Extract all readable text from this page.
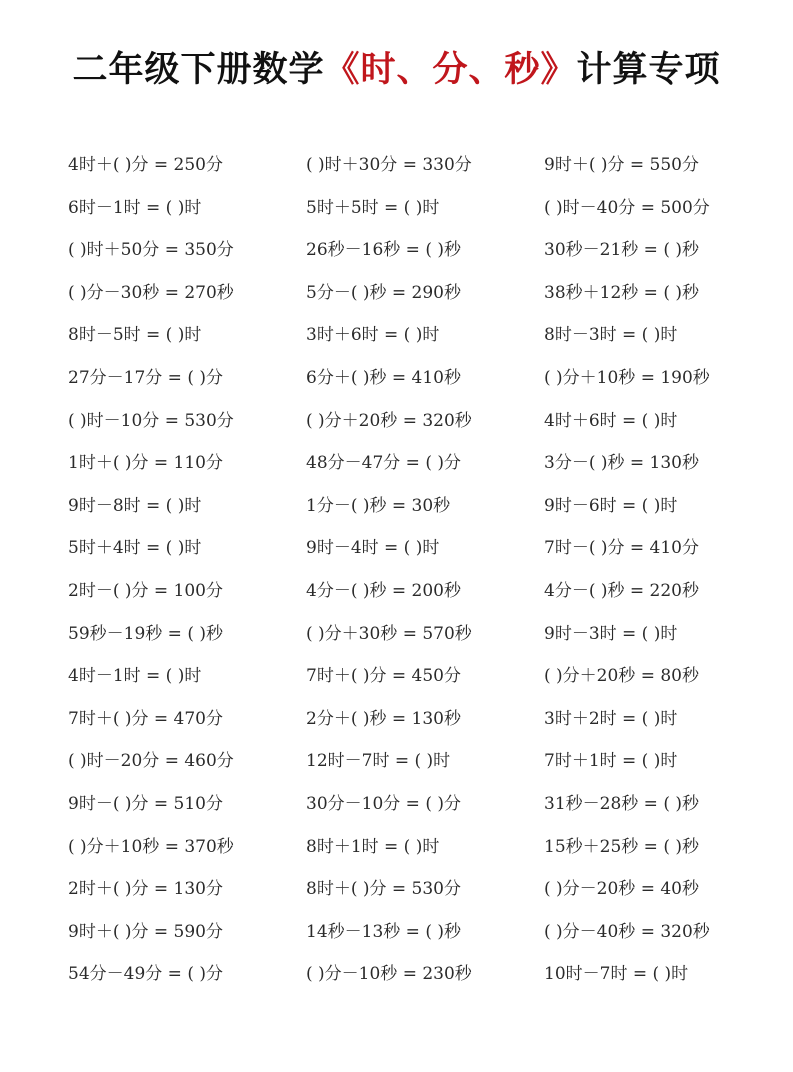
二年级下册数学《时、分、秒》计算专项
4时＋( )分 = 250分	( )时＋30分 = 330分	9时＋( )分 = 550分
6时－1时 = ( )时	5时＋5时 = ( )时	( )时－40分 = 500分
( )时＋50分 = 350分	26秒－16秒 = ( )秒	30秒－21秒 = ( )秒
( )分－30秒 = 270秒	5分－( )秒 = 290秒	38秒＋12秒 = ( )秒
8时－5时 = ( )时	3时＋6时 = ( )时	8时－3时 = ( )时
27分－17分 = ( )分	6分＋( )秒 = 410秒	( )分＋10秒 = 190秒
( )时－10分 = 530分	( )分＋20秒 = 320秒	4时＋6时 = ( )时
1时＋( )分 = 110分	48分－47分 = ( )分	3分－( )秒 = 130秒
9时－8时 = ( )时	1分－( )秒 = 30秒	9时－6时 = ( )时
5时＋4时 = ( )时	9时－4时 = ( )时	7时－( )分 = 410分
2时－( )分 = 100分	4分－( )秒 = 200秒	4分－( )秒 = 220秒
59秒－19秒 = ( )秒	( )分＋30秒 = 570秒	9时－3时 = ( )时
4时－1时 = ( )时	7时＋( )分 = 450分	( )分＋20秒 = 80秒
7时＋( )分 = 470分	2分＋( )秒 = 130秒	3时＋2时 = ( )时
( )时－20分 = 460分	12时－7时 = ( )时	7时＋1时 = ( )时
9时－( )分 = 510分	30分－10分 = ( )分	31秒－28秒 = ( )秒
( )分＋10秒 = 370秒	8时＋1时 = ( )时	15秒＋25秒 = ( )秒
2时＋( )分 = 130分	8时＋( )分 = 530分	( )分－20秒 = 40秒
9时＋( )分 = 590分	14秒－13秒 = ( )秒	( )分－40秒 = 320秒
54分－49分 = ( )分	( )分－10秒 = 230秒	10时－7时 = ( )时
